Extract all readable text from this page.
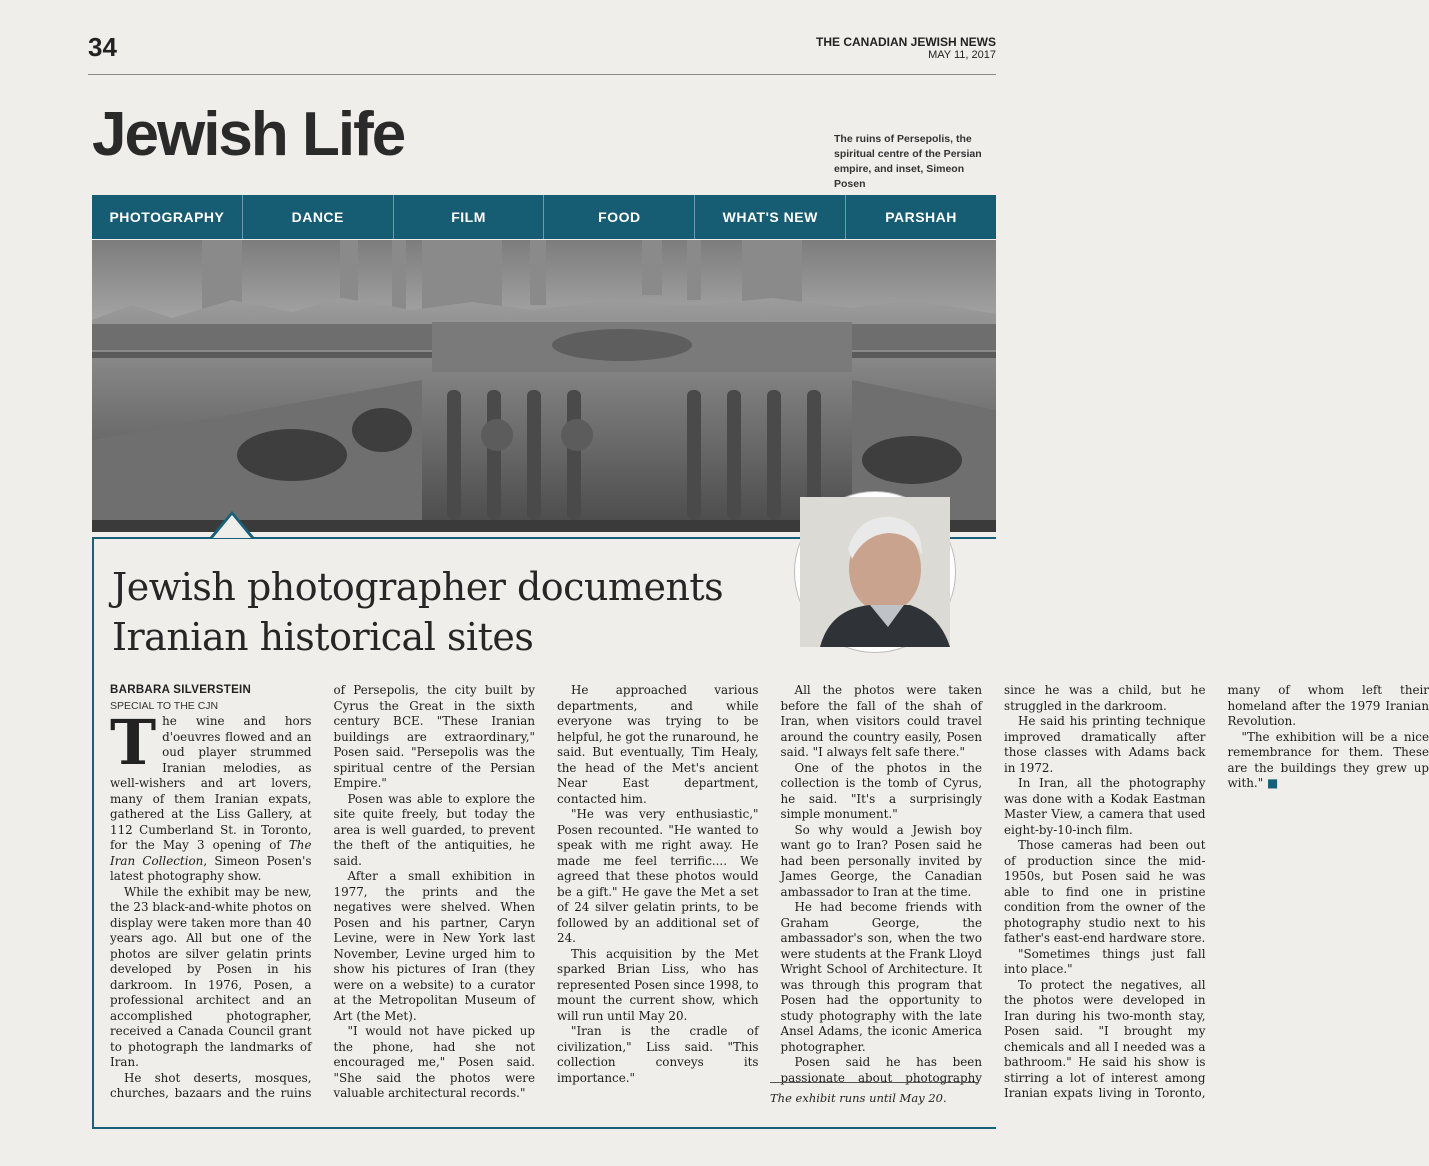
34	THE CANADIAN JEWISH NEWS
MAY 11, 2017
Jewish Life	The ruins of Persepolis, the spiritual centre of the Persian empire, and inset, Simeon Posen
PHOTOGRAPHY	DANCE	FILM	FOOD	WHAT'S NEW	PARSHAH
Jewish photographer documents Iranian historical sites

BARBARA SILVERSTEIN

SPECIAL TO THE CJN

The wine and hors d'oeuvres flowed and an oud player strummed Iranian melodies, as well-wishers and art lovers, many of them Iranian expats, gathered at the Liss Gallery, at 112 Cumberland St. in Toronto, for the May 3 opening of The Iran Collection, Simeon Posen's latest photography show.

While the exhibit may be new, the 23 black-and-white photos on display were taken more than 40 years ago. All but one of the photos are silver gelatin prints developed by Posen in his darkroom. In 1976, Posen, a professional architect and an accomplished photographer, received a Canada Council grant to photograph the landmarks of Iran.

He shot deserts, mosques, churches, bazaars and the ruins of Persepolis, the city built by Cyrus the Great in the sixth century BCE. "These Iranian buildings are extraordinary," Posen said. "Persepolis was the spiritual centre of the Persian Empire."

Posen was able to explore the site quite freely, but today the area is well guarded, to prevent the theft of the antiquities, he said.

After a small exhibition in 1977, the prints and the negatives were shelved. When Posen and his partner, Caryn Levine, were in New York last November, Levine urged him to show his pictures of Iran (they were on a website) to a curator at the Metropolitan Museum of Art (the Met).

"I would not have picked up the phone, had she not encouraged me," Posen said. "She said the photos were valuable architectural records."

He approached various departments, and while everyone was trying to be helpful, he got the runaround, he said. But eventually, Tim Healy, the head of the Met's ancient Near East department, contacted him.

"He was very enthusiastic," Posen recounted. "He wanted to speak with me right away. He made me feel terrific.... We agreed that these photos would be a gift." He gave the Met a set of 24 silver gelatin prints, to be followed by an additional set of 24.

This acquisition by the Met sparked Brian Liss, who has represented Posen since 1998, to mount the current show, which will run until May 20.

"Iran is the cradle of civilization," Liss said. "This collection conveys its importance."

All the photos were taken before the fall of the shah of Iran, when visitors could travel around the country easily, Posen said. "I always felt safe there."

One of the photos in the collection is the tomb of Cyrus, he said. "It's a surprisingly simple monument."

So why would a Jewish boy want go to Iran? Posen said he had been personally invited by James George, the Canadian ambassador to Iran at the time.

He had become friends with Graham George, the ambassador's son, when the two were students at the Frank Lloyd Wright School of Architecture. It was through this program that Posen had the opportunity to study photography with the late Ansel Adams, the iconic America photographer.

Posen said he has been passionate about photography since he was a child, but he struggled in the darkroom.

He said his printing technique improved dramatically after those classes with Adams back in 1972.

In Iran, all the photography was done with a Kodak Eastman Master View, a camera that used eight-by-10-inch film.

Those cameras had been out of production since the mid-1950s, but Posen said he was able to find one in pristine condition from the owner of the photography studio next to his father's east-end hardware store.

"Sometimes things just fall into place."

To protect the negatives, all the photos were developed in Iran during his two-month stay, Posen said. "I brought my chemicals and all I needed was a bathroom." He said his show is stirring a lot of interest among Iranian expats living in Toronto, many of whom left their homeland after the 1979 Iranian Revolution.

"The exhibition will be a nice remembrance for them. These are the buildings they grew up with." ■

The exhibit runs until May 20.
